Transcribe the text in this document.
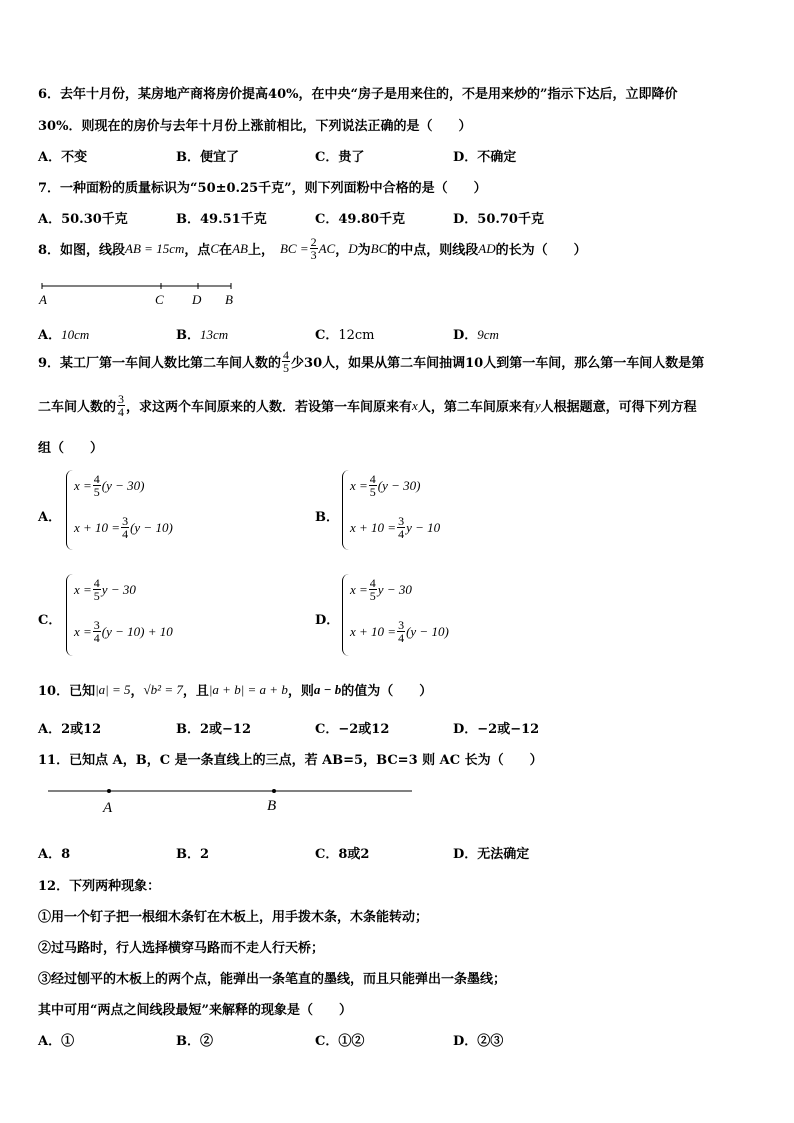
6．去年十月份，某房地产商将房价提高40%，在中央“房子是用来住的，不是用来炒的”指示下达后，立即降价
30%．则现在的房价与去年十月份上涨前相比，下列说法正确的是（　　）
A．不变	B．便宜了	C．贵了	D．不确定
7．一种面粉的质量标识为“50±0.25千克”，则下列面粉中合格的是（　　）
A．50.30千克	B．49.51千克	C．49.80千克	D．50.70千克
8．如图，线段 AB = 15cm ，点 C 在 AB 上， BC = $\frac{2}{3}$ AC ， D 为 BC 的中点，则线段 AD 的长为（　　）
A	C D B
A．10cm	B．13cm	C．12cm	D．9cm
9．某工厂第一车间人数比第二车间人数的 $\frac{4}{5}$ 少30人，如果从第二车间抽调10人到第一车间，那么第一车间人数是第
二车间人数的 $\frac{3}{4}$ ，求这两个车间原来的人数．若设第一车间原来有 x 人，第二车间原来有 y 人根据题意，可得下列方程
组（　　）
A．
$x = \frac{4}{5} (y - 30)$
$x + 10 = \frac{3}{4} (y - 10)$
B．
$x = \frac{4}{5} (y - 30)$
$x + 10 = \frac{3}{4}$ y − 10
C．
$x = \frac{4}{5}$ y − 30
$x = \frac{3}{4} (y - 10) + 10$
D．
$x = \frac{4}{5}$ y − 30
$x + 10 = \frac{3}{4} (y - 10)$
10．已知 |a| = 5 ， √b² = 7 ，且 |a + b| = a + b ，则 a − b 的值为（　　）
A．2或12	B．2或−12	C．−2或12	D．−2或−12
11．已知点 A，B，C 是一条直线上的三点，若 AB=5，BC=3 则 AC 长为（　　）
A	B
A．8	B．2	C．8或2	D．无法确定
12．下列两种现象：
①用一个钉子把一根细木条钉在木板上，用手拨木条，木条能转动；
②过马路时，行人选择横穿马路而不走人行天桥；
③经过刨平的木板上的两个点，能弹出一条笔直的墨线，而且只能弹出一条墨线；
其中可用“两点之间线段最短”来解释的现象是（　　）
A．①	B．②	C．①②	D．②③
